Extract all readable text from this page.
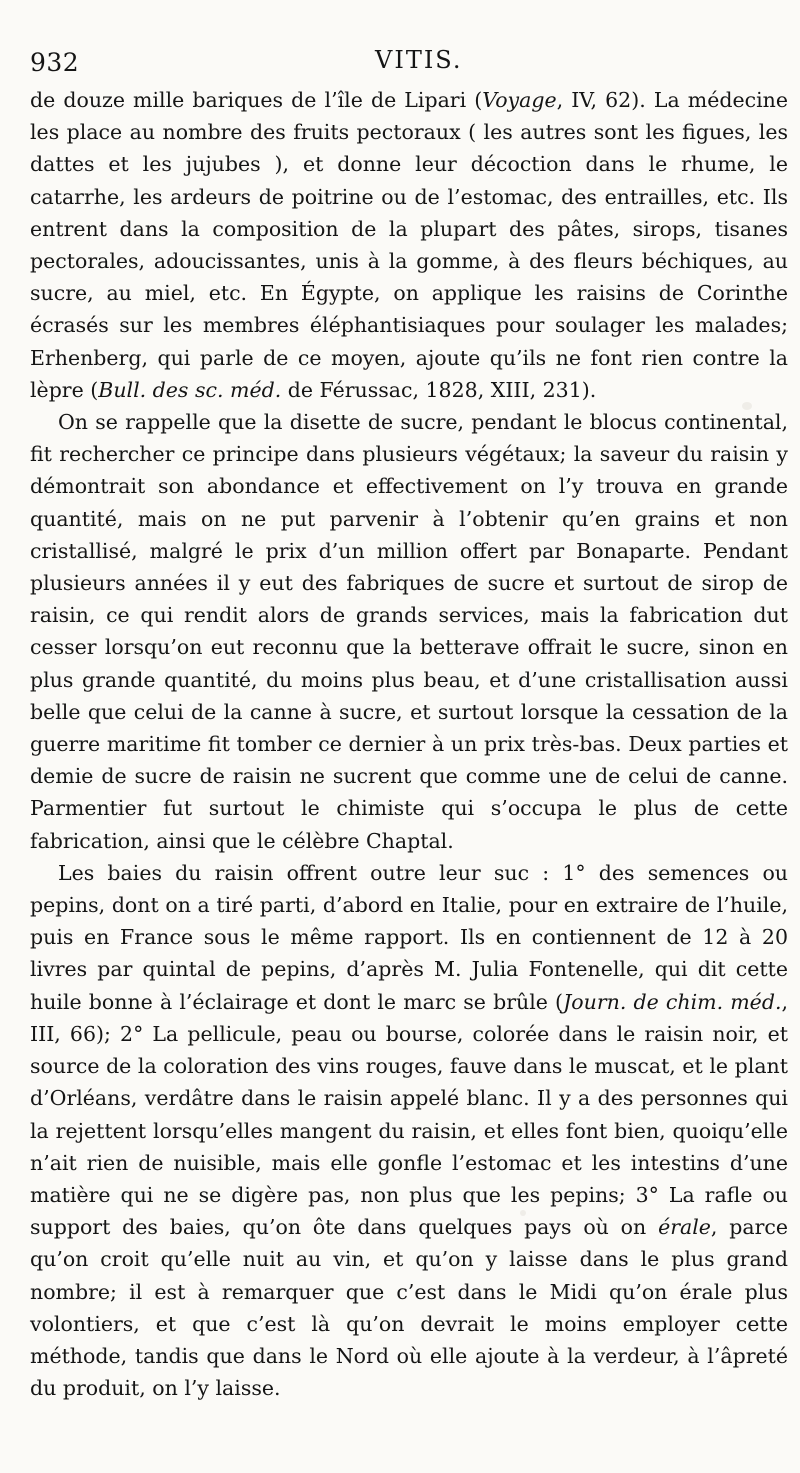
932	VITIS.

de douze mille bariques de l’île de Lipari (Voyage, IV, 62). La médecine les place au nombre des fruits pectoraux ( les autres sont les figues, les dattes et les jujubes ), et donne leur décoction dans le rhume, le catarrhe, les ardeurs de poitrine ou de l’estomac, des entrailles, etc. Ils entrent dans la composition de la plupart des pâtes, sirops, tisanes pectorales, adoucissantes, unis à la gomme, à des fleurs béchiques, au sucre, au miel, etc. En Égypte, on applique les raisins de Corinthe écrasés sur les membres éléphantisiaques pour soulager les malades; Erhenberg, qui parle de ce moyen, ajoute qu’ils ne font rien contre la lèpre (Bull. des sc. méd. de Férussac, 1828, XIII, 231).

On se rappelle que la disette de sucre, pendant le blocus continental, fit rechercher ce principe dans plusieurs végétaux; la saveur du raisin y démontrait son abondance et effectivement on l’y trouva en grande quantité, mais on ne put parvenir à l’obtenir qu’en grains et non cristallisé, malgré le prix d’un million offert par Bonaparte. Pendant plusieurs années il y eut des fabriques de sucre et surtout de sirop de raisin, ce qui rendit alors de grands services, mais la fabrication dut cesser lorsqu’on eut reconnu que la betterave offrait le sucre, sinon en plus grande quantité, du moins plus beau, et d’une cristallisation aussi belle que celui de la canne à sucre, et surtout lorsque la cessation de la guerre maritime fit tomber ce dernier à un prix très-bas. Deux parties et demie de sucre de raisin ne sucrent que comme une de celui de canne. Parmentier fut surtout le chimiste qui s’occupa le plus de cette fabrication, ainsi que le célèbre Chaptal.

Les baies du raisin offrent outre leur suc : 1° des semences ou pepins, dont on a tiré parti, d’abord en Italie, pour en extraire de l’huile, puis en France sous le même rapport. Ils en contiennent de 12 à 20 livres par quintal de pepins, d’après M. Julia Fontenelle, qui dit cette huile bonne à l’éclairage et dont le marc se brûle (Journ. de chim. méd., III, 66); 2° La pellicule, peau ou bourse, colorée dans le raisin noir, et source de la coloration des vins rouges, fauve dans le muscat, et le plant d’Orléans, verdâtre dans le raisin appelé blanc. Il y a des personnes qui la rejettent lorsqu’elles mangent du raisin, et elles font bien, quoiqu’elle n’ait rien de nuisible, mais elle gonfle l’estomac et les intestins d’une matière qui ne se digère pas, non plus que les pepins; 3° La rafle ou support des baies, qu’on ôte dans quelques pays où on érale, parce qu’on croit qu’elle nuit au vin, et qu’on y laisse dans le plus grand nombre; il est à remarquer que c’est dans le Midi qu’on érale plus volontiers, et que c’est là qu’on devrait le moins employer cette méthode, tandis que dans le Nord où elle ajoute à la verdeur, à l’âpreté du produit, on l’y laisse.
